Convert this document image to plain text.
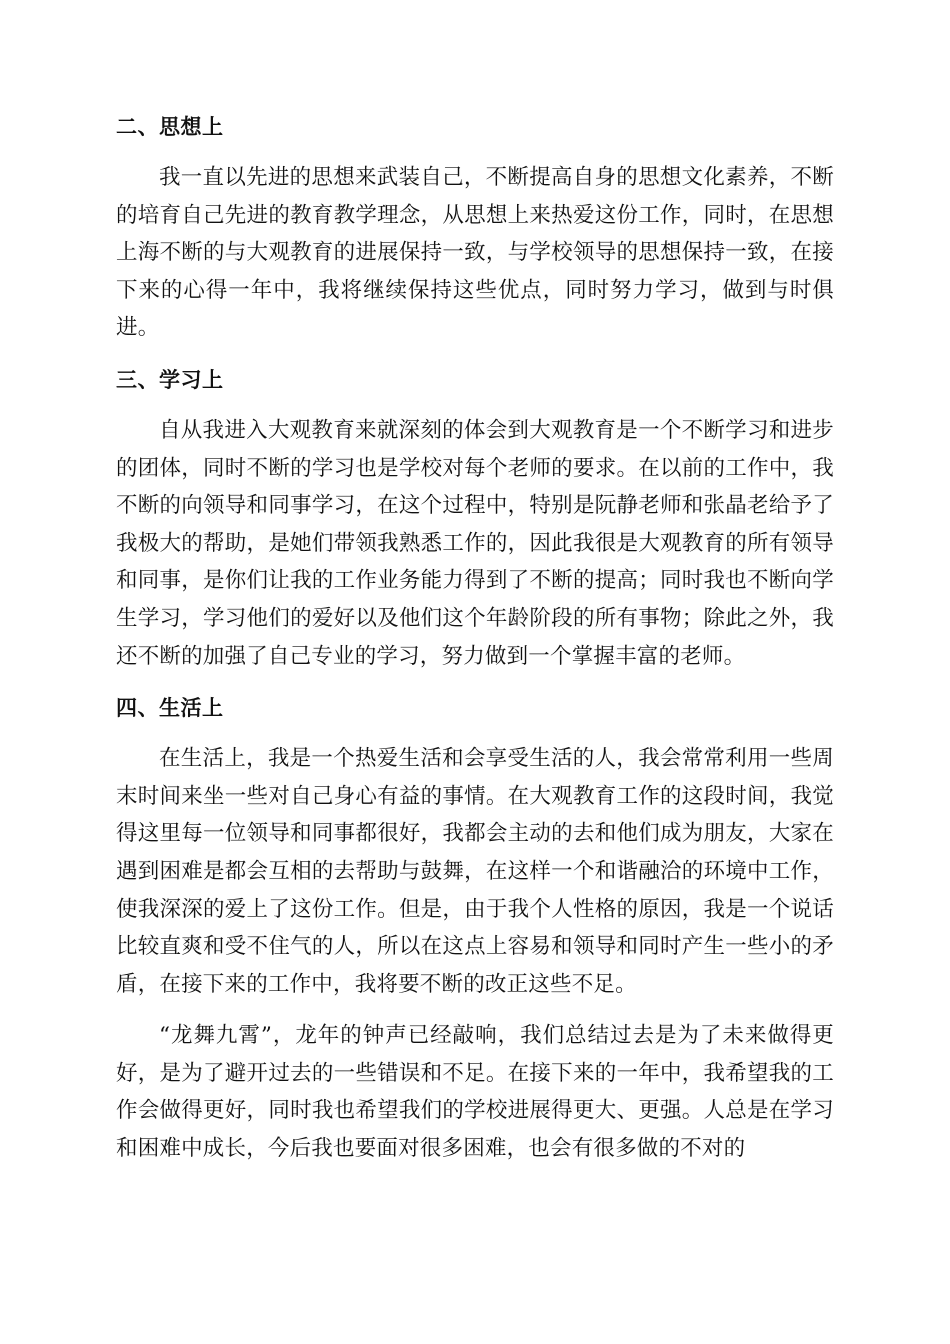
二、思想上

我一直以先进的思想来武装自己，不断提高自身的思想文化素养，不断的培育自己先进的教育教学理念，从思想上来热爱这份工作，同时，在思想上海不断的与大观教育的进展保持一致，与学校领导的思想保持一致，在接下来的心得一年中，我将继续保持这些优点，同时努力学习，做到与时俱进。

三、学习上

自从我进入大观教育来就深刻的体会到大观教育是一个不断学习和进步的团体，同时不断的学习也是学校对每个老师的要求。在以前的工作中，我不断的向领导和同事学习，在这个过程中，特别是阮静老师和张晶老给予了我极大的帮助，是她们带领我熟悉工作的，因此我很是大观教育的所有领导和同事，是你们让我的工作业务能力得到了不断的提高；同时我也不断向学生学习，学习他们的爱好以及他们这个年龄阶段的所有事物；除此之外，我还不断的加强了自己专业的学习，努力做到一个掌握丰富的老师。

四、生活上

在生活上，我是一个热爱生活和会享受生活的人，我会常常利用一些周末时间来坐一些对自己身心有益的事情。在大观教育工作的这段时间，我觉得这里每一位领导和同事都很好，我都会主动的去和他们成为朋友，大家在遇到困难是都会互相的去帮助与鼓舞，在这样一个和谐融洽的环境中工作，使我深深的爱上了这份工作。但是，由于我个人性格的原因，我是一个说话比较直爽和受不住气的人，所以在这点上容易和领导和同时产生一些小的矛盾，在接下来的工作中，我将要不断的改正这些不足。

“龙舞九霄”，龙年的钟声已经敲响，我们总结过去是为了未来做得更好，是为了避开过去的一些错误和不足。在接下来的一年中，我希望我的工作会做得更好，同时我也希望我们的学校进展得更大、更强。人总是在学习和困难中成长，今后我也要面对很多困难，也会有很多做的不对的
